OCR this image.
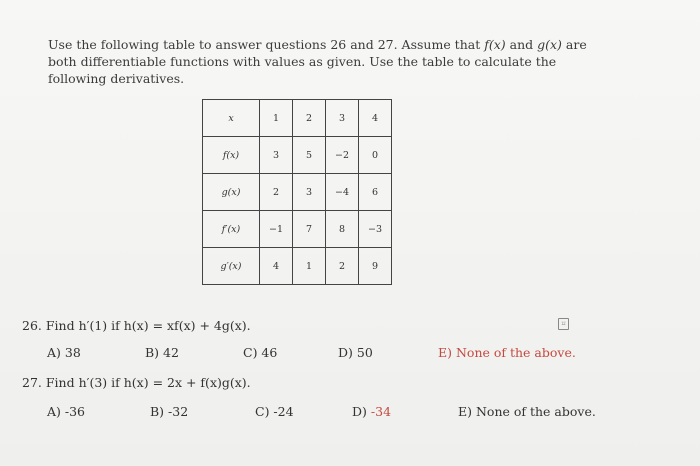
Use the following table to answer questions 26 and 27. Assume that f(x) and g(x) are both differentiable functions with values as given. Use the table to calculate the following derivatives.
x	1	2	3	4
f(x)	3	5	−2	0
g(x)	2	3	−4	6
f′(x)	−1	7	8	−3
g′(x)	4	1	2	9
26. Find h′(1) if h(x) = xf(x) + 4g(x).	⌑
A) 38	B) 42	C) 46	D) 50	E) None of the above.
27. Find h′(3) if h(x) = 2x + f(x)g(x).
A) -36	B) -32	C) -24	D) -34	E) None of the above.
